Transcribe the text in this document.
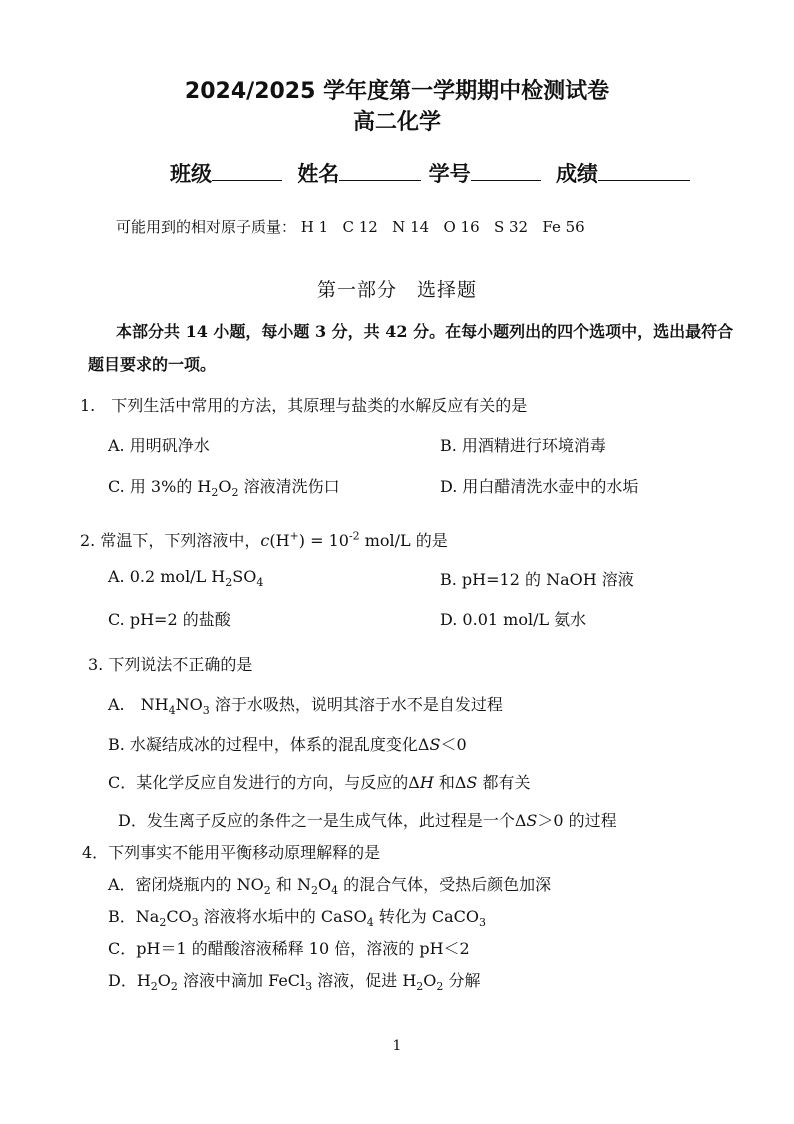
2024/2025 学年度第一学期期中检测试卷
高二化学
班级	姓名	学号	成绩
可能用到的相对原子质量： H 1 C 12 N 14 O 16 S 32 Fe 56
第一部分　选择题
本部分共 14 小题，每小题 3 分，共 42 分。在每小题列出的四个选项中，选出最符合
题目要求的一项。
1.　下列生活中常用的方法，其原理与盐类的水解反应有关的是
A. 用明矾净水	B. 用酒精进行环境消毒
C. 用 3%的 $H_2O_2$ 溶液清洗伤口	D. 用白醋清洗水壶中的水垢
2. 常温下，下列溶液中，$c(H^+) = 10^{-2}$ mol/L 的是
A. 0.2 mol/L $H_2SO_4$	B. pH=12 的 NaOH 溶液
C. pH=2 的盐酸	D. 0.01 mol/L 氨水
3. 下列说法不正确的是
A.　$NH_4NO_3$ 溶于水吸热，说明其溶于水不是自发过程
B. 水凝结成冰的过程中，体系的混乱度变化ΔS＜0
C．某化学反应自发进行的方向，与反应的ΔH 和ΔS 都有关
D．发生离子反应的条件之一是生成气体，此过程是一个ΔS＞0 的过程
4．下列事实不能用平衡移动原理解释的是
A．密闭烧瓶内的 $NO_2$ 和 $N_2O_4$ 的混合气体，受热后颜色加深
B．$Na_2CO_3$ 溶液将水垢中的 CaSO$_4$ 转化为 CaCO$_3$
C．pH＝1 的醋酸溶液稀释 10 倍，溶液的 pH＜2
D．$H_2O_2$ 溶液中滴加 FeCl$_3$ 溶液，促进 $H_2O_2$ 分解
1
